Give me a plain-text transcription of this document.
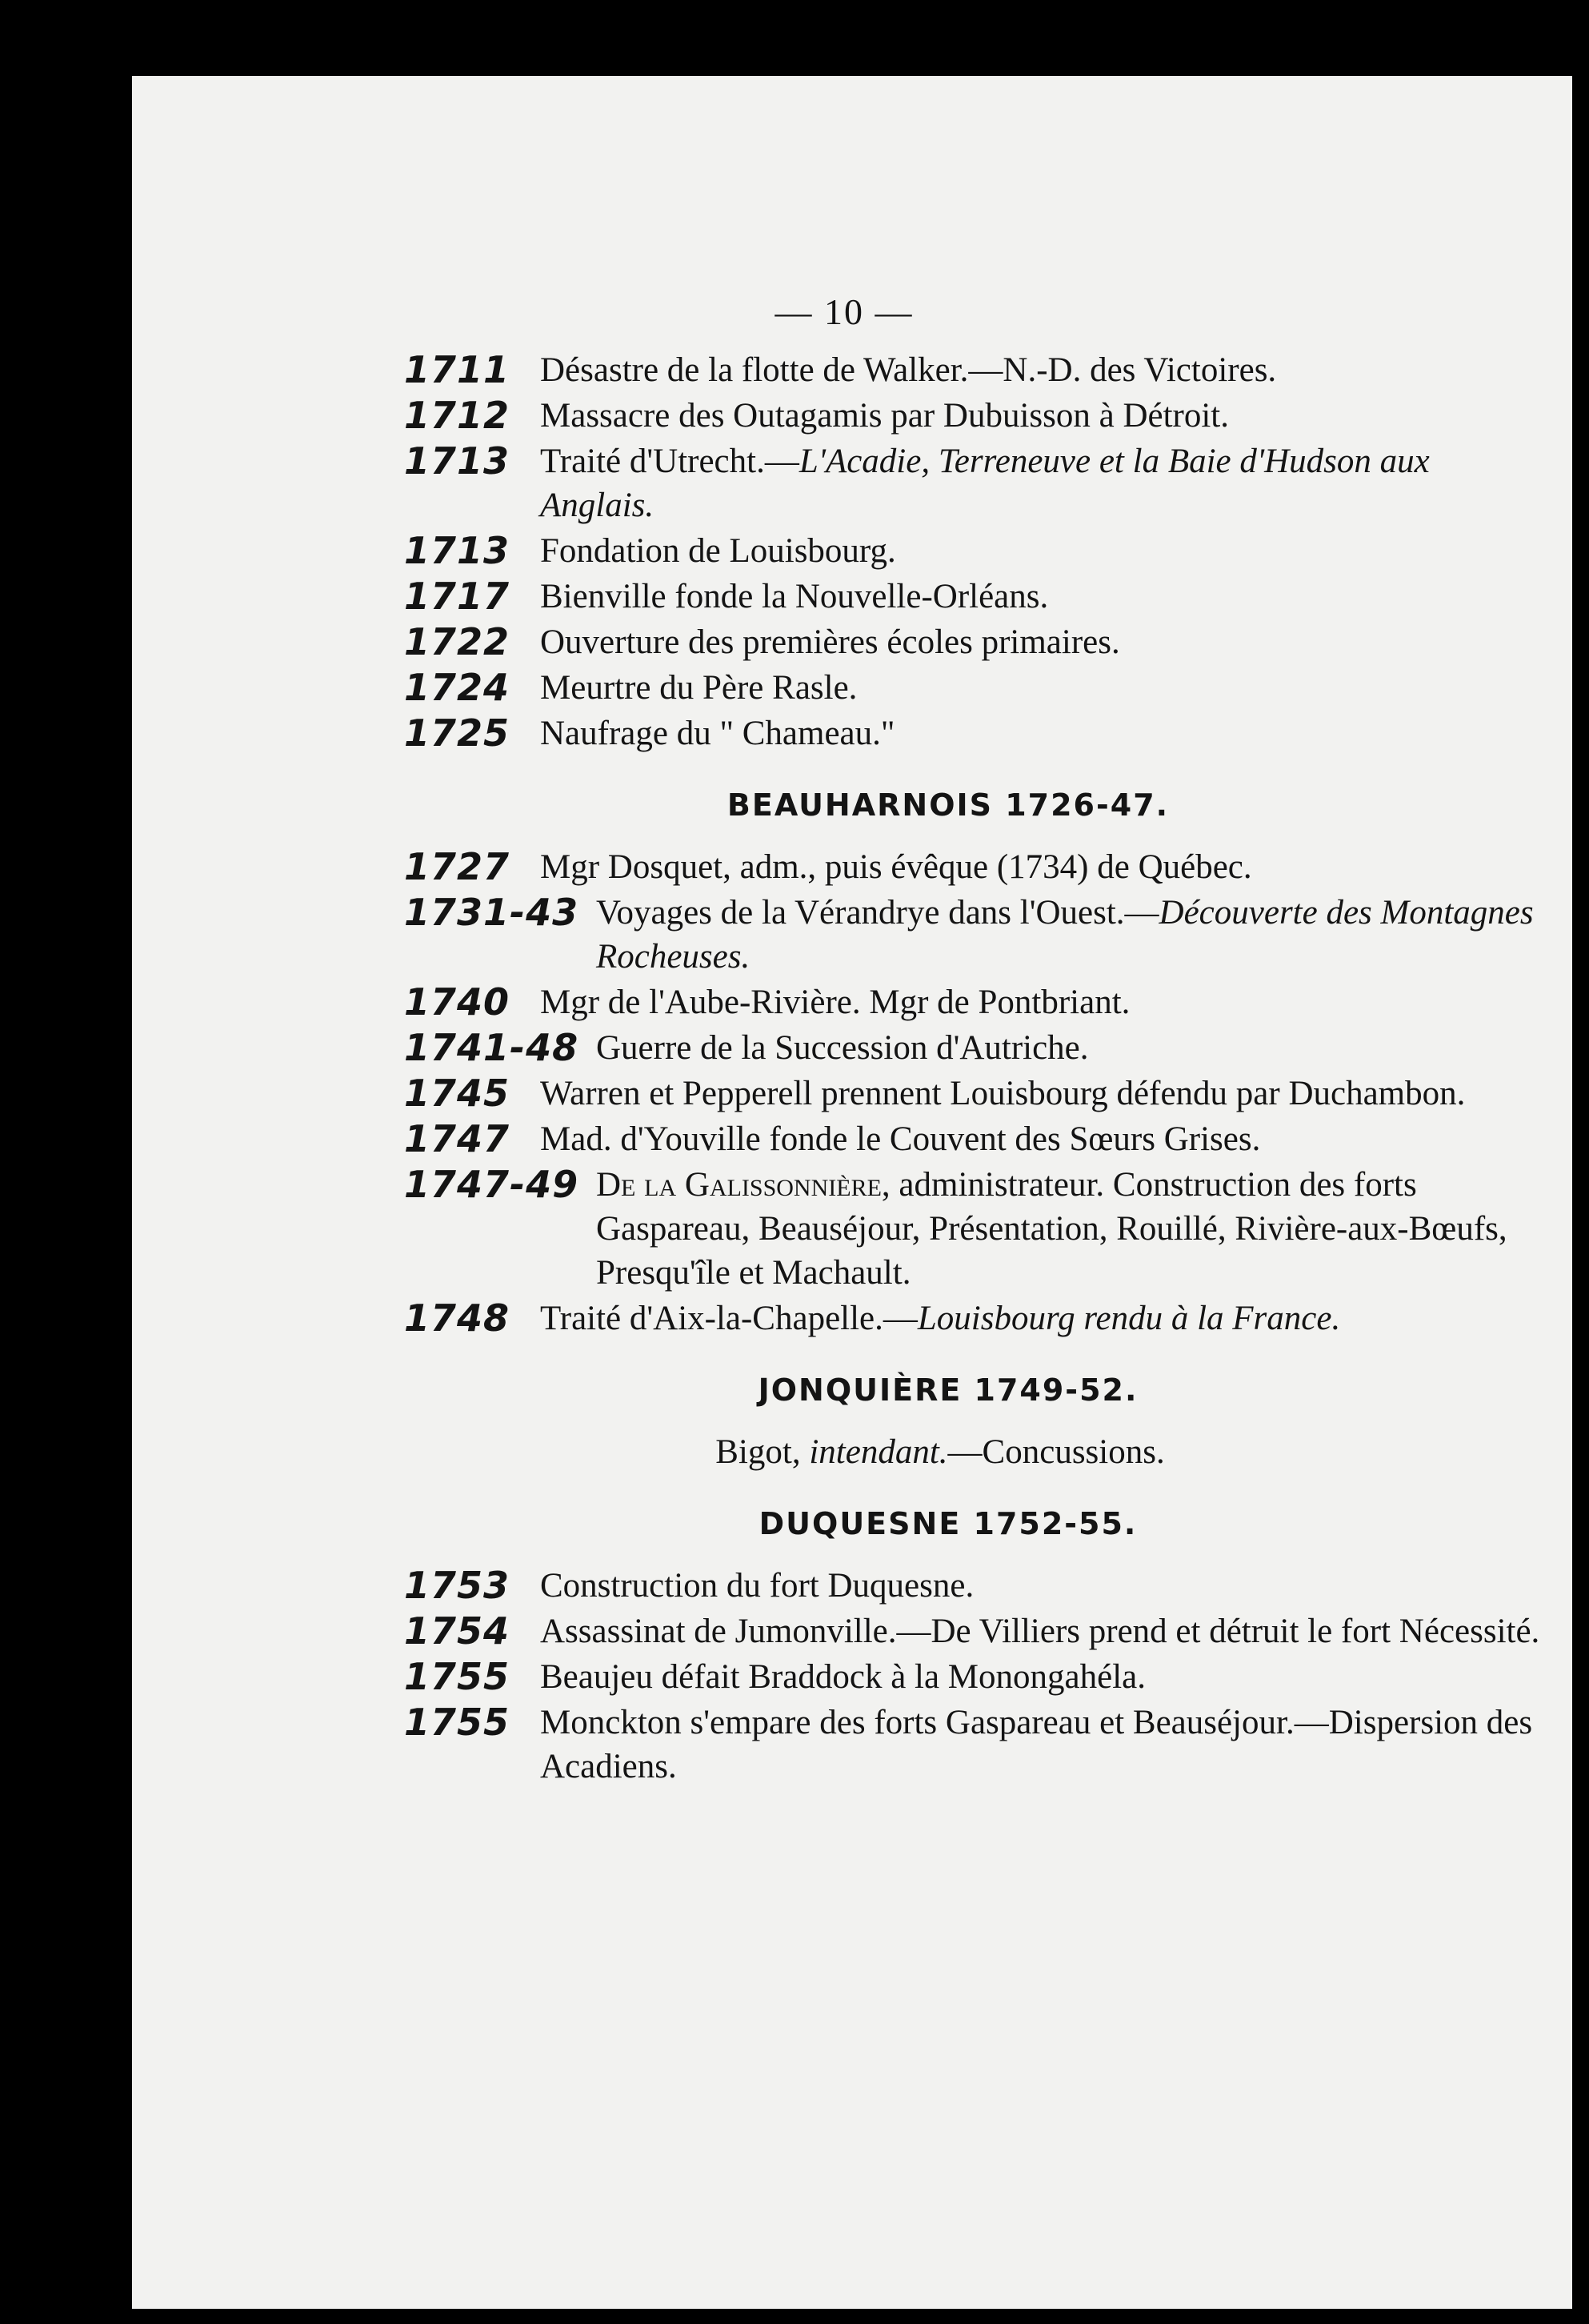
— 10 —
1711 Désastre de la flotte de Walker.—N.-D. des Victoires.
1712 Massacre des Outagamis par Dubuisson à Détroit.
1713 Traité d'Utrecht.—L'Acadie, Terreneuve et la Baie d'Hudson aux Anglais.
1713 Fondation de Louisbourg.
1717 Bienville fonde la Nouvelle-Orléans.
1722 Ouverture des premières écoles primaires.
1724 Meurtre du Père Rasle.
1725 Naufrage du " Chameau."
BEAUHARNOIS 1726-47.
1727 Mgr Dosquet, adm., puis évêque (1734) de Québec.
1731-43 Voyages de la Vérandrye dans l'Ouest.—Découverte des Montagnes Rocheuses.
1740 Mgr de l'Aube-Rivière. Mgr de Pontbriant.
1741-48 Guerre de la Succession d'Autriche.
1745 Warren et Pepperell prennent Louisbourg défendu par Duchambon.
1747 Mad. d'Youville fonde le Couvent des Sœurs Grises.
1747-49 De la Galissonnière, administrateur. Construction des forts Gaspareau, Beauséjour, Présentation, Rouillé, Rivière-aux-Bœufs, Presqu'île et Machault.
1748 Traité d'Aix-la-Chapelle.—Louisbourg rendu à la France.
JONQUIÈRE 1749-52.
Bigot, intendant.—Concussions.
DUQUESNE 1752-55.
1753 Construction du fort Duquesne.
1754 Assassinat de Jumonville.—De Villiers prend et détruit le fort Nécessité.
1755 Beaujeu défait Braddock à la Monongahéla.
1755 Monckton s'empare des forts Gaspareau et Beauséjour.—Dispersion des Acadiens.
